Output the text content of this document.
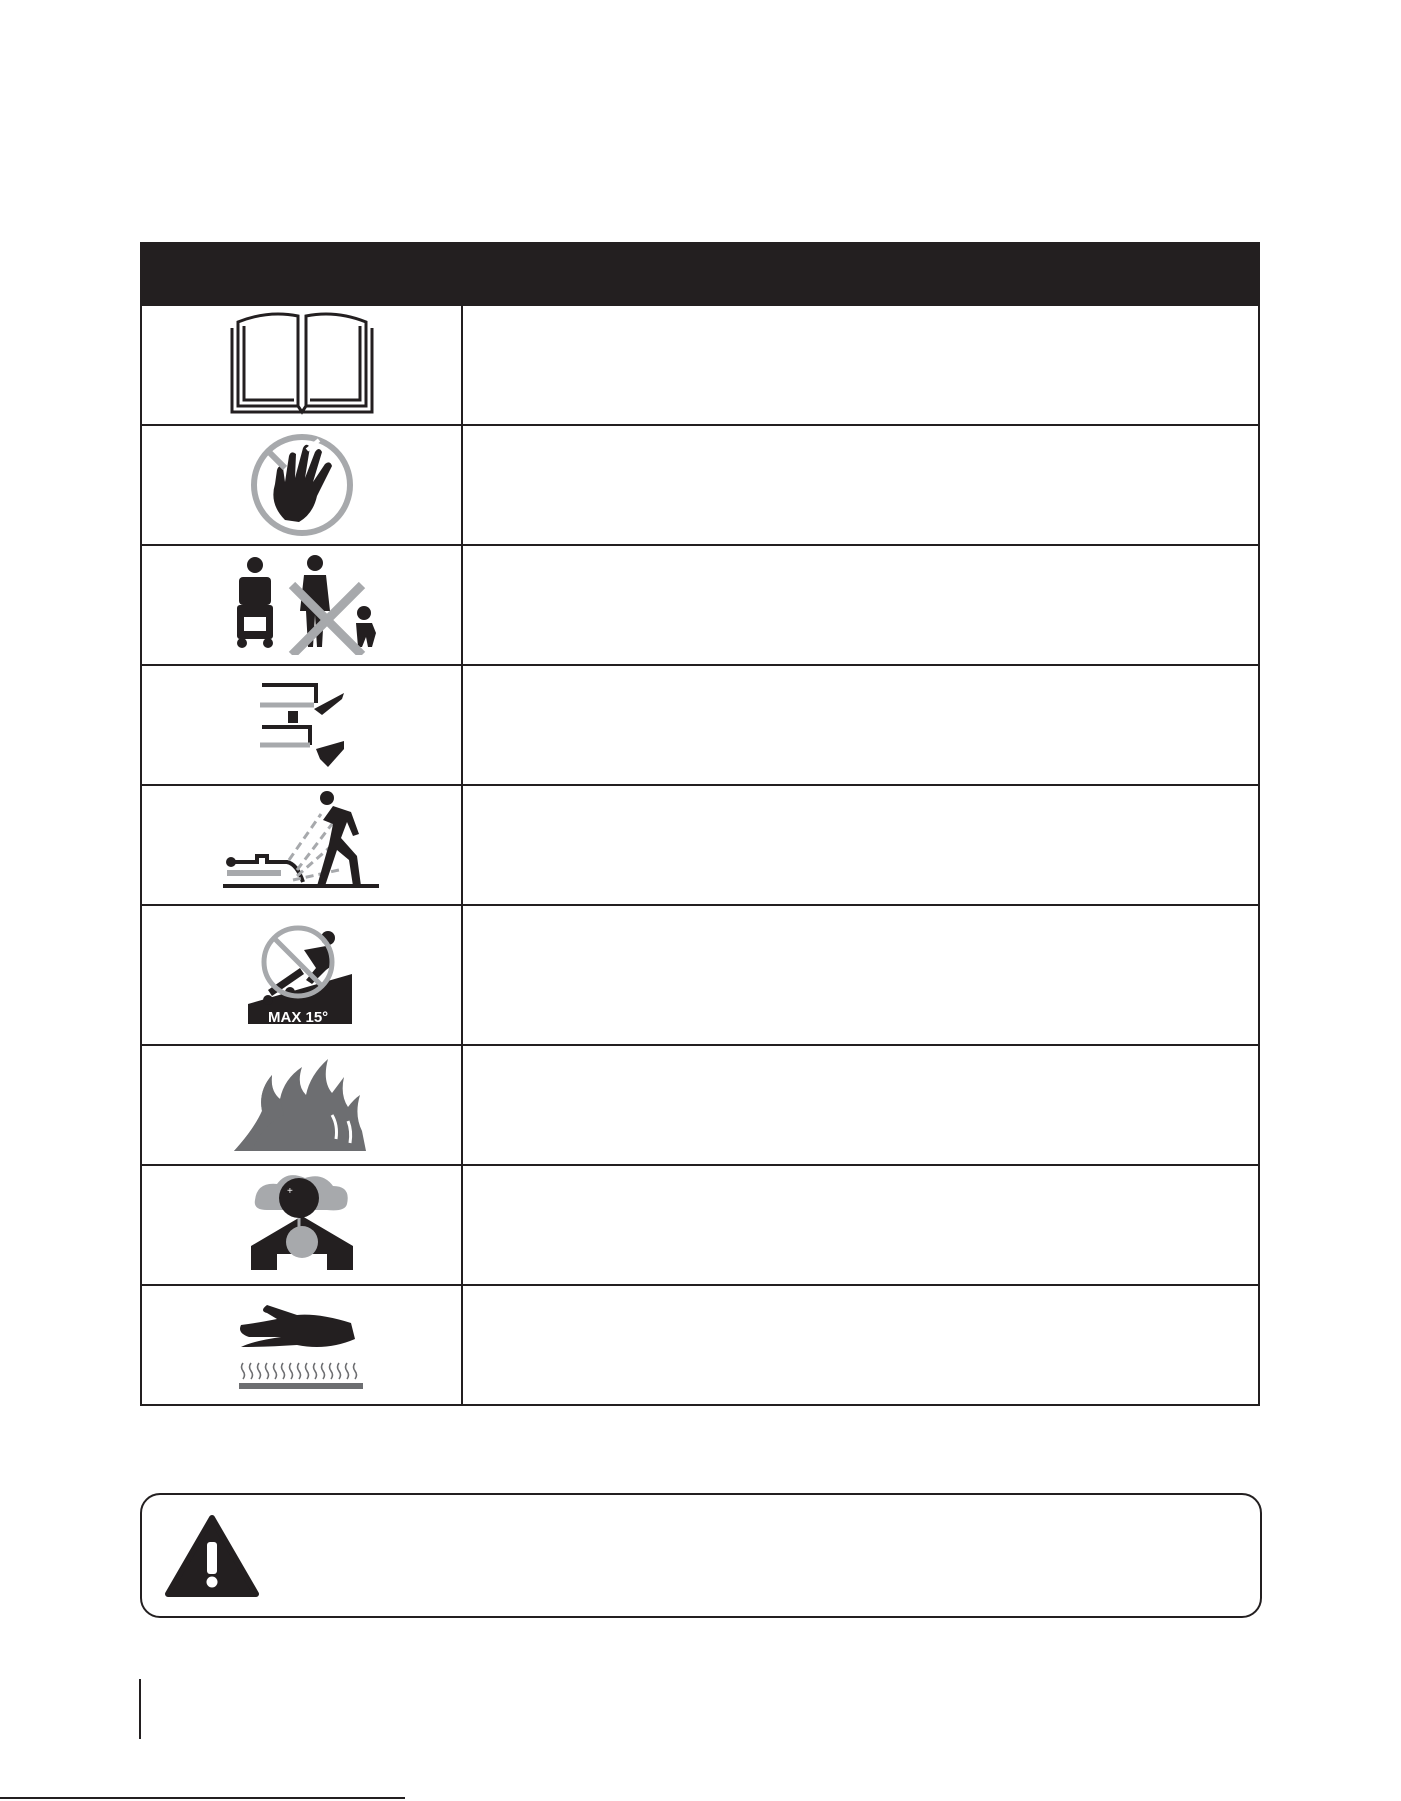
MAX 15°
+
